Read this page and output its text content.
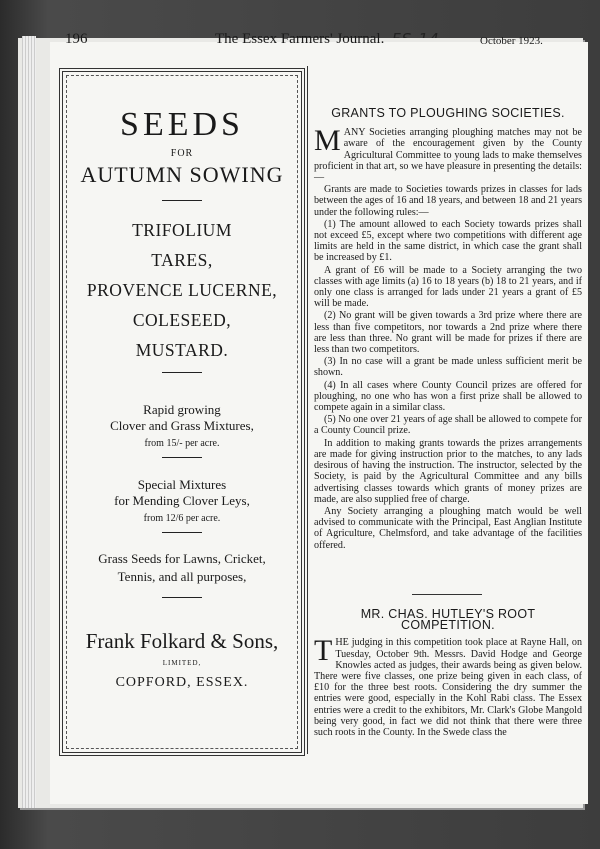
196	The Essex Farmers' Journal.	October 1923.
SEEDS
FOR
AUTUMN SOWING
TRIFOLIUM
TARES,
PROVENCE LUCERNE,
COLESEED,
MUSTARD.
Rapid growing
Clover and Grass Mixtures,
from 15/- per acre.
Special Mixtures
for Mending Clover Leys,
from 12/6 per acre.
Grass Seeds for Lawns, Cricket,
Tennis, and all purposes,
Frank Folkard & Sons,
LIMITED,
COPFORD, ESSEX.
GRANTS TO PLOUGHING SOCIETIES.
M ANY Societies arranging ploughing matches may not be aware of the encouragement given by the County Agricultural Committee to young lads to make themselves proficient in that art, so we have pleasure in presenting the details:—

Grants are made to Societies towards prizes in classes for lads between the ages of 16 and 18 years, and between 18 and 21 years under the following rules:—

(1) The amount allowed to each Society towards prizes shall not exceed £5, except where two competitions with different age limits are held in the same district, in which case the grant shall be increased by £1.

A grant of £6 will be made to a Society arranging the two classes with age limits (a) 16 to 18 years (b) 18 to 21 years, and if only one class is arranged for lads under 21 years a grant of £5 will be made.

(2) No grant will be given towards a 3rd prize where there are less than five competitors, nor towards a 2nd prize where there are less than three. No grant will be made for prizes if there are less than two competitors.

(3) In no case will a grant be made unless sufficient merit be shown.

(4) In all cases where County Council prizes are offered for ploughing, no one who has won a first prize shall be allowed to compete again in a similar class.

(5) No one over 21 years of age shall be allowed to compete for a County Council prize.

In addition to making grants towards the prizes arrangements are made for giving instruction prior to the matches, to any lads desirous of having the instruction. The instructor, selected by the Society, is paid by the Agricultural Committee and any bills advertising classes towards which grants of money prizes are made, are also supplied free of charge.

Any Society arranging a ploughing match would be well advised to communicate with the Principal, East Anglian Institute of Agriculture, Chelmsford, and take advantage of the facilities offered.

MR. CHAS. HUTLEY'S ROOT
COMPETITION.
T HE judging in this competition took place at Rayne Hall, on Tuesday, October 9th. Messrs. David Hodge and George Knowles acted as judges, their awards being as given below. There were five classes, one prize being given in each class, of £10 for the three best roots. Considering the dry summer the entries were good, especially in the Kohl Rabi class. The Essex entries were a credit to the exhibitors, Mr. Clark's Globe Mangold being very good, in fact we did not think that there were three such roots in the County. In the Swede class the
